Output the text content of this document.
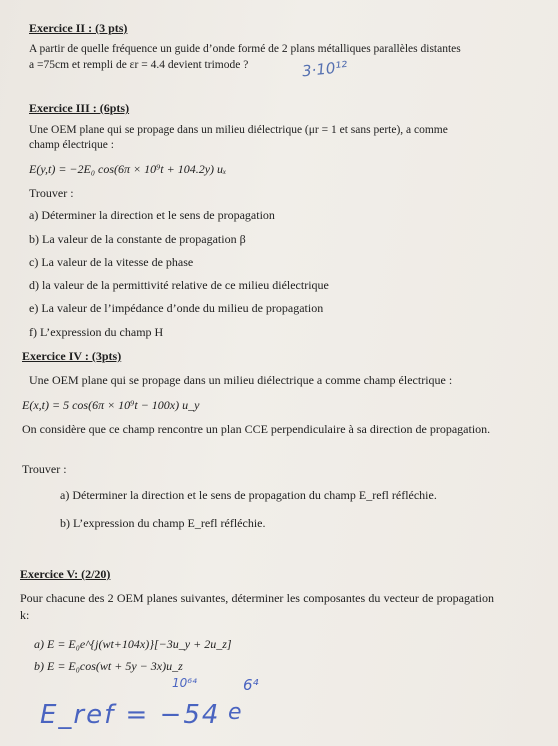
Exercice II : (3 pts)
A partir de quelle fréquence un guide d’onde formé de 2 plans métalliques parallèles distantes
a =75cm et rempli de εr = 4.4 devient trimode ?	3·10¹²
Exercice III : (6pts)
Une OEM plane qui se propage dans un milieu diélectrique (μr = 1 et sans perte), a comme
champ électrique :
E(y,t) = −2E₀ cos(6π × 10⁹t + 104.2y) uₓ
Trouver :
a) Déterminer la direction et le sens de propagation
b) La valeur de la constante de propagation β
c) La valeur de la vitesse de phase
d) la valeur de la permittivité relative de ce milieu diélectrique
e) La valeur de l’impédance d’onde du milieu de propagation
f) L’expression du champ H
Exercice IV : (3pts)
Une OEM plane qui se propage dans un milieu diélectrique a comme champ électrique :
E(x,t) = 5 cos(6π × 10⁹t − 100x) u_y
On considère que ce champ rencontre un plan CCE perpendiculaire à sa direction de propagation.
Trouver :
a) Déterminer la direction et le sens de propagation du champ E_refl réfléchie.
b) L’expression du champ E_refl réfléchie.
Exercice V: (2/20)
Pour chacune des 2 OEM planes suivantes, déterminer les composantes du vecteur de propagation k:
a) E = E₀e^{j(wt+104x)}[−3u_y + 2u_z]
b) E = E₀cos(wt + 5y − 3x)u_z
10⁶⁴	6⁴
E_ref = −54 e
